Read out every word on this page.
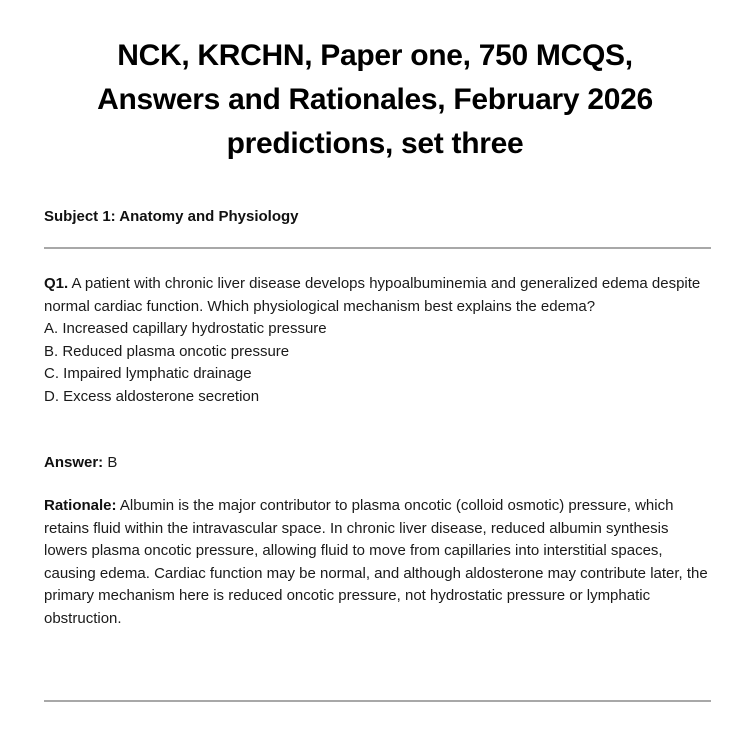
NCK, KRCHN, Paper one, 750 MCQS,
Answers and Rationales, February 2026
predictions, set three
Subject 1: Anatomy and Physiology
Q1. A patient with chronic liver disease develops hypoalbuminemia and generalized edema despite normal cardiac function. Which physiological mechanism best explains the edema?
A. Increased capillary hydrostatic pressure
B. Reduced plasma oncotic pressure
C. Impaired lymphatic drainage
D. Excess aldosterone secretion
Answer: B
Rationale: Albumin is the major contributor to plasma oncotic (colloid osmotic) pressure, which retains fluid within the intravascular space. In chronic liver disease, reduced albumin synthesis lowers plasma oncotic pressure, allowing fluid to move from capillaries into interstitial spaces, causing edema. Cardiac function may be normal, and although aldosterone may contribute later, the primary mechanism here is reduced oncotic pressure, not hydrostatic pressure or lymphatic obstruction.
